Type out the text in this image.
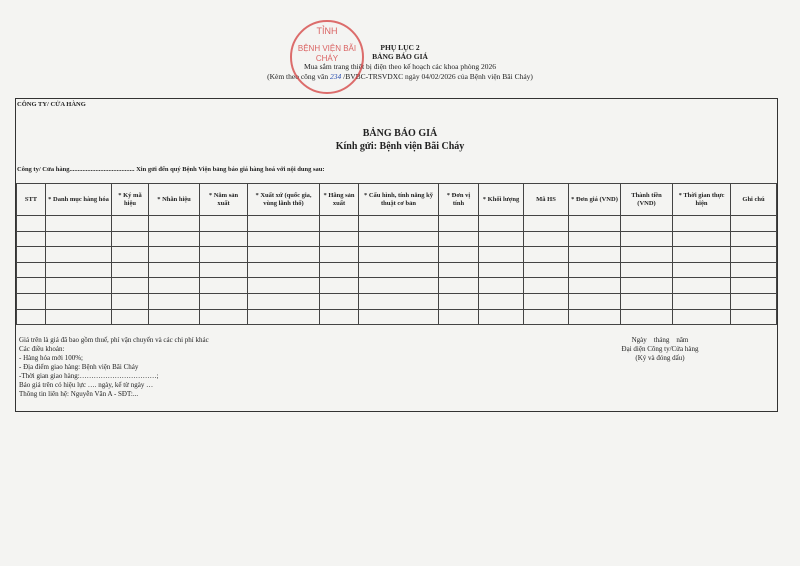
PHỤ LỤC 2
BẢNG BÁO GIÁ
Mua sắm trang thiết bị điện theo kế hoạch các khoa phòng 2026
(Kèm theo công văn 234 /BVBC-TRSVDXC ngày 04/02/2026 của Bệnh viện Bãi Cháy)
TỈNH
BỆNH VIỆN BÃI CHÁY
CÔNG TY/ CỬA HÀNG
BẢNG BÁO GIÁ
Kính gửi: Bệnh viện Bãi Cháy
Công ty/ Cửa hàng........................................ Xin gửi đến quý Bệnh Viện bảng báo giá hàng hoá với nội dung sau:
STT	* Danh mục hàng hóa	* Ký mã hiệu	* Nhãn hiệu	* Năm sản xuất	* Xuất xứ (quốc gia, vùng lãnh thổ)	* Hãng sản xuất	* Cấu hình, tính năng kỹ thuật cơ bản	* Đơn vị tính	* Khối lượng	Mã HS	* Đơn giá (VND)	Thành tiền (VND)	* Thời gian thực hiện	Ghi chú

Giá trên là giá đã bao gồm thuế, phí vận chuyển và các chi phí khác
Các điều khoản:
- Hàng hóa mới 100%;
- Địa điểm giao hàng: Bệnh viện Bãi Cháy
-Thời gian giao hàng:……………………………;
Báo giá trên có hiệu lực …. ngày, kể từ ngày …
Thông tin liên hệ: Nguyễn Văn A - SĐT:...
Ngày    tháng    năm
Đại diện Công ty/Cửa hàng
(Ký và đóng dấu)
